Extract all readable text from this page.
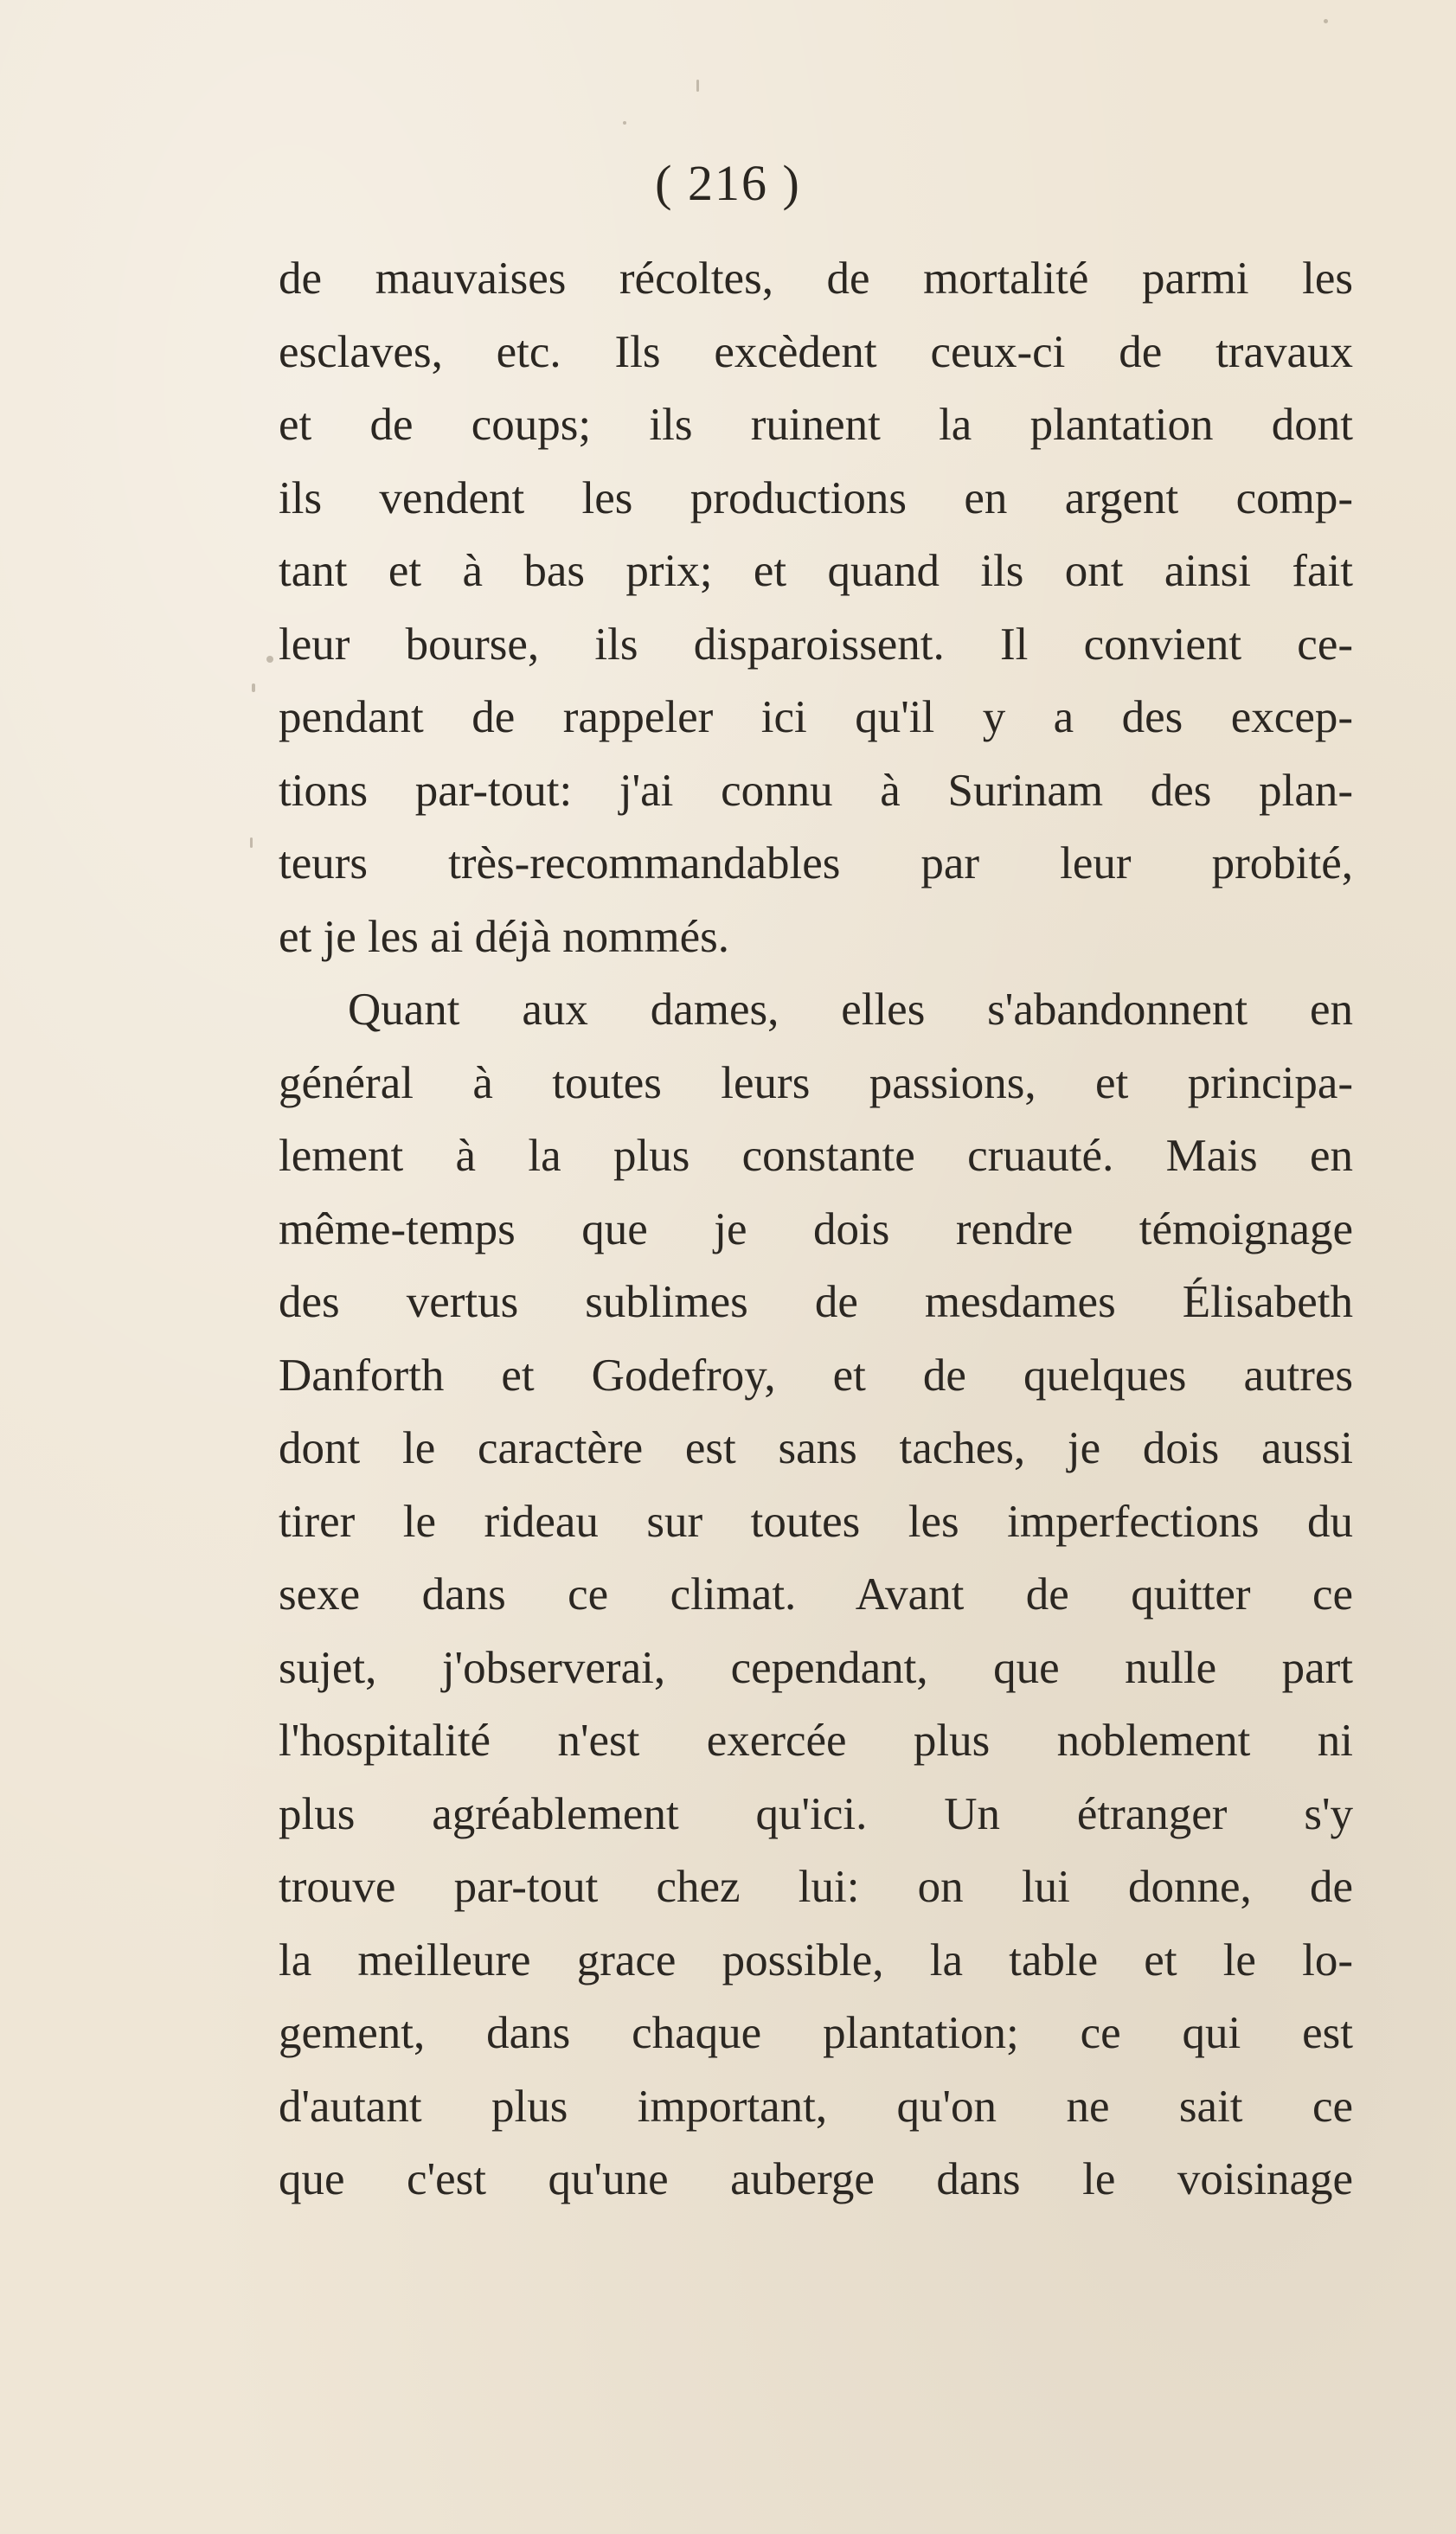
( 216 )
de mauvaises récoltes, de mortalité parmi les
esclaves, etc. Ils excèdent ceux-ci de travaux
et de coups; ils ruinent la plantation dont
ils vendent les productions en argent comp-
tant et à bas prix; et quand ils ont ainsi fait
leur bourse, ils disparoissent. Il convient ce-
pendant de rappeler ici qu'il y a des excep-
tions par-tout: j'ai connu à Surinam des plan-
teurs très-recommandables par leur probité,
et je les ai déjà nommés.
Quant aux dames, elles s'abandonnent en
général à toutes leurs passions, et principa-
lement à la plus constante cruauté. Mais en
même-temps que je dois rendre témoignage
des vertus sublimes de mesdames Élisabeth
Danforth et Godefroy, et de quelques autres
dont le caractère est sans taches, je dois aussi
tirer le rideau sur toutes les imperfections du
sexe dans ce climat. Avant de quitter ce
sujet, j'observerai, cependant, que nulle part
l'hospitalité n'est exercée plus noblement ni
plus agréablement qu'ici. Un étranger s'y
trouve par-tout chez lui: on lui donne, de
la meilleure grace possible, la table et le lo-
gement, dans chaque plantation; ce qui est
d'autant plus important, qu'on ne sait ce
que c'est qu'une auberge dans le voisinage
